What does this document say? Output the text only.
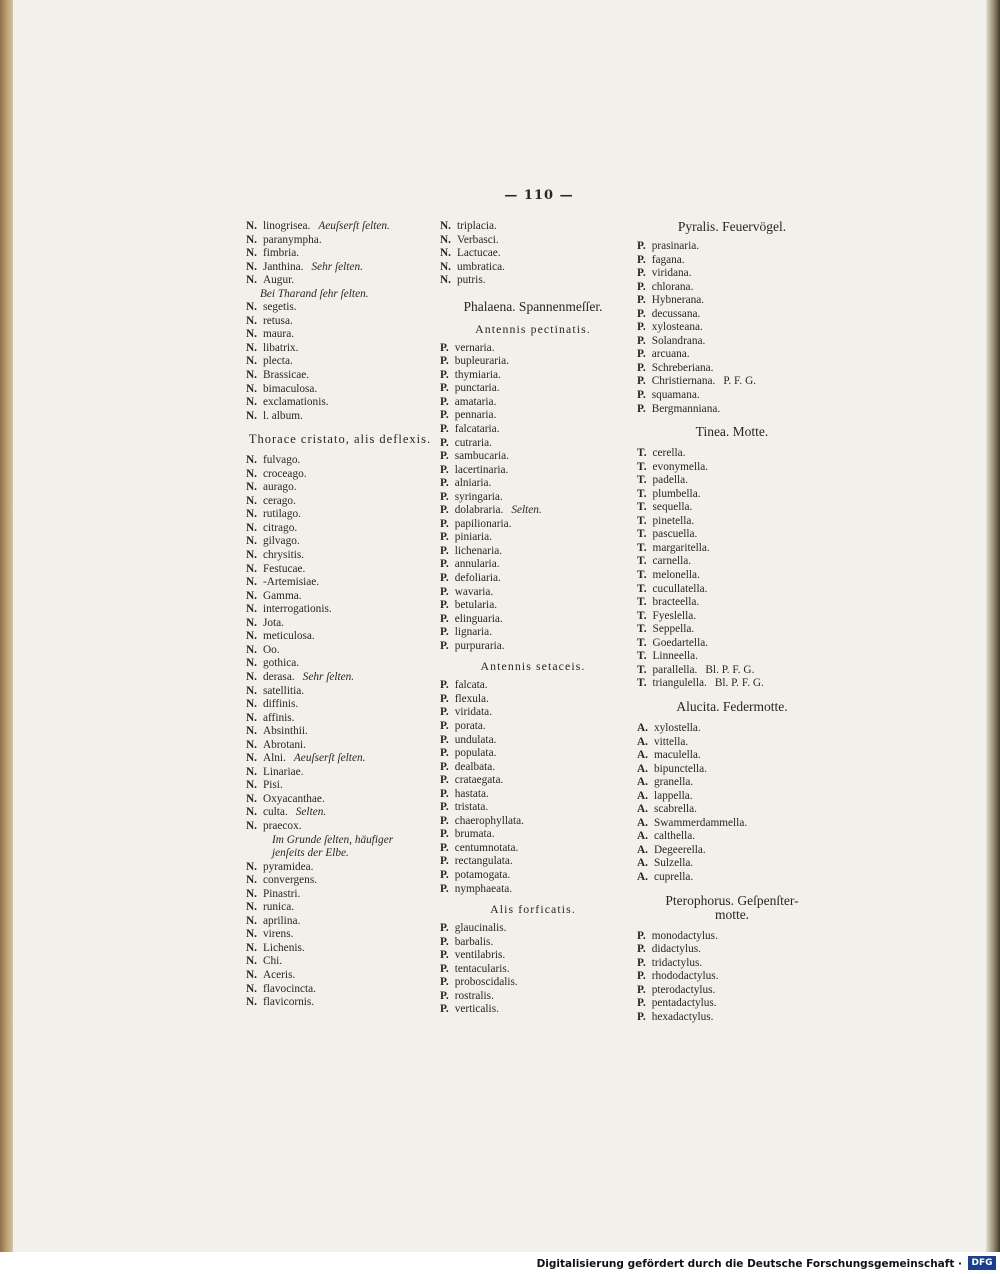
— 110 —
N. linogrisea. Aeuſserſt ſelten.
N. paranympha.
N. fimbria.
N. Janthina. Sehr ſelten.
N. Augur.
Bei Tharand ſehr ſelten.
N. segetis.
N. retusa.
N. maura.
N. libatrix.
N. plecta.
N. Brassicae.
N. bimaculosa.
N. exclamationis.
N. l. album.
Thorace cristato, alis deflexis.
N. fulvago.
N. croceago.
N. aurago.
N. cerago.
N. rutilago.
N. citrago.
N. gilvago.
N. chrysitis.
N. Festucae.
N. -Artemisiae.
N. Gamma.
N. interrogationis.
N. Jota.
N. meticulosa.
N. Oo.
N. gothica.
N. derasa. Sehr ſelten.
N. satellitia.
N. diffinis.
N. affinis.
N. Absinthii.
N. Abrotani.
N. Alni. Aeuſserſt ſelten.
N. Linariae.
N. Pisi.
N. Oxyacanthae.
N. culta. Selten.
N. praecox.
Im Grunde ſelten, häufiger
jenſeits der Elbe.
N. pyramidea.
N. convergens.
N. Pinastri.
N. runica.
N. aprilina.
N. virens.
N. Lichenis.
N. Chi.
N. Aceris.
N. flavocincta.
N. flavicornis.
N. triplacia.
N. Verbasci.
N. Lactucae.
N. umbratica.
N. putris.
Phalaena. Spannenmeſſer.
Antennis pectinatis.
P. vernaria.
P. bupleuraria.
P. thymiaria.
P. punctaria.
P. amataria.
P. pennaria.
P. falcataria.
P. cutraria.
P. sambucaria.
P. lacertinaria.
P. alniaria.
P. syringaria.
P. dolabraria. Selten.
P. papilionaria.
P. piniaria.
P. lichenaria.
P. annularia.
P. defoliaria.
P. wavaria.
P. betularia.
P. elinguaria.
P. lignaria.
P. purpuraria.
Antennis setaceis.
P. falcata.
P. flexula.
P. viridata.
P. porata.
P. undulata.
P. populata.
P. dealbata.
P. crataegata.
P. hastata.
P. tristata.
P. chaerophyllata.
P. brumata.
P. centumnotata.
P. rectangulata.
P. potamogata.
P. nymphaeata.
Alis forficatis.
P. glaucinalis.
P. barbalis.
P. ventilabris.
P. tentacularis.
P. proboscidalis.
P. rostralis.
P. verticalis.
Pyralis. Feuervögel.
P. prasinaria.
P. fagana.
P. viridana.
P. chlorana.
P. Hybnerana.
P. decussana.
P. xylosteana.
P. Solandrana.
P. arcuana.
P. Schreberiana.
P. Christiernana. P. F. G.
P. squamana.
P. Bergmanniana.
Tinea. Motte.
T. cerella.
T. evonymella.
T. padella.
T. plumbella.
T. sequella.
T. pinetella.
T. pascuella.
T. margaritella.
T. carnella.
T. melonella.
T. cucullatella.
T. bracteella.
T. Fyeslella.
T. Seppella.
T. Goedartella.
T. Linneella.
T. parallella. Bl. P. F. G.
T. triangulella. Bl. P. F. G.
Alucita. Federmotte.
A. xylostella.
A. vittella.
A. maculella.
A. bipunctella.
A. granella.
A. lappella.
A. scabrella.
A. Swammerdammella.
A. calthella.
A. Degeerella.
A. Sulzella.
A. cuprella.
Pterophorus. Geſpenſter-
motte.
P. monodactylus.
P. didactylus.
P. tridactylus.
P. rhododactylus.
P. pterodactylus.
P. pentadactylus.
P. hexadactylus.
Digitalisierung gefördert durch die Deutsche Forschungsgemeinschaft ·	DFG
